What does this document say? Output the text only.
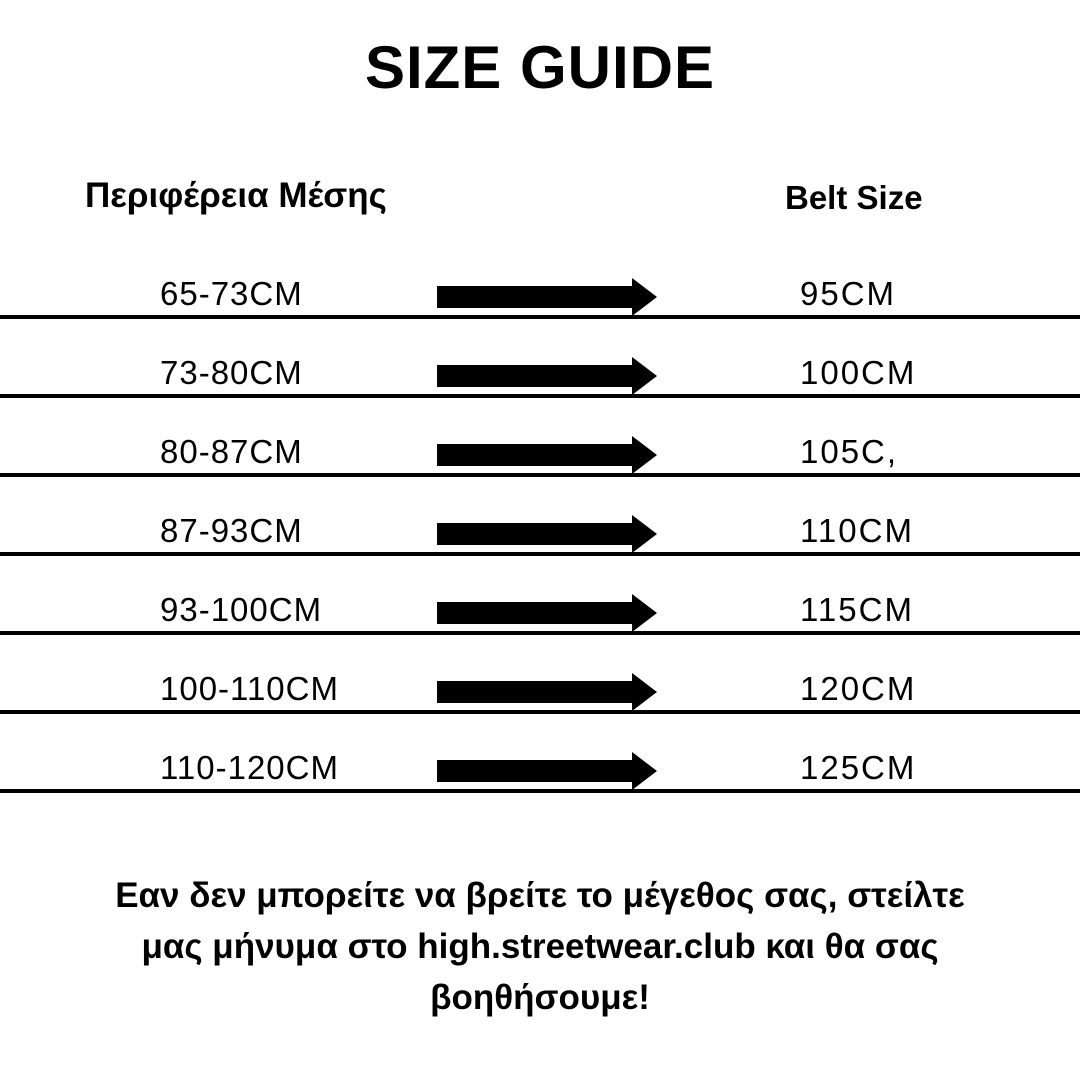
SIZE GUIDE
Περιφέρεια Μέσης	Belt Size
65-73CM	95CM
73-80CM	100CM
80-87CM	105C,
87-93CM	110CM
93-100CM	115CM
100-110CM	120CM
110-120CM	125CM
Εαν δεν μπορείτε να βρείτε το μέγεθος σας, στείλτε
μας μήνυμα στο high.streetwear.club και θα σας
βοηθήσουμε!
